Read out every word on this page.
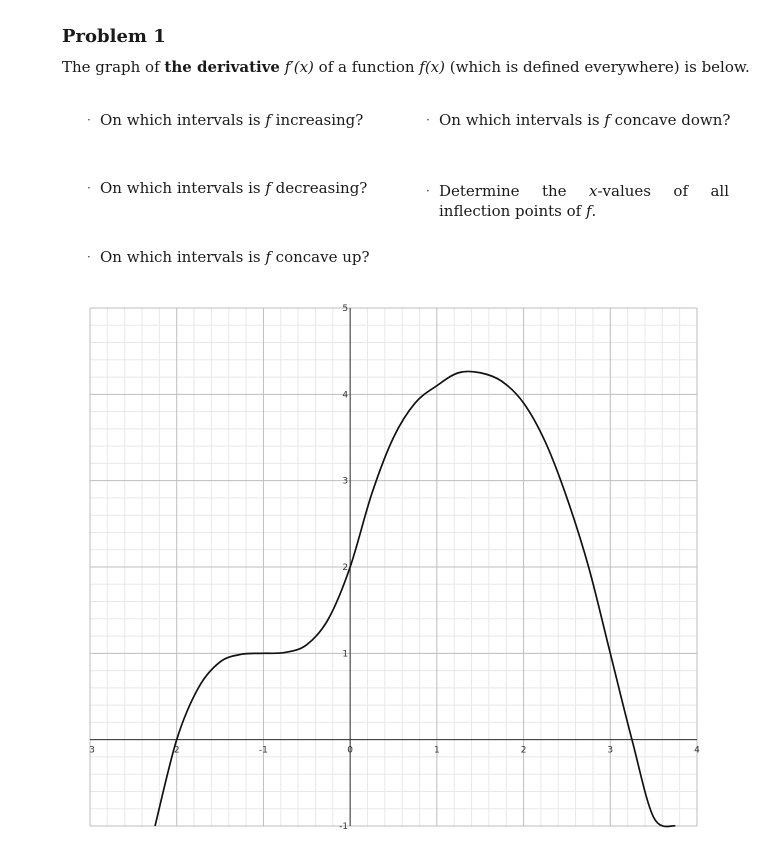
Problem 1
The graph of the derivative f′(x) of a function f(x) (which is defined everywhere) is below.
· On which intervals is f increasing?
· On which intervals is f decreasing?
· On which intervals is f concave up?
· On which intervals is f concave down?
· Determine the x-values of all inflection points of f.
3	2	-1	0	1	2	3	4
5
4
3
2
1
-1
